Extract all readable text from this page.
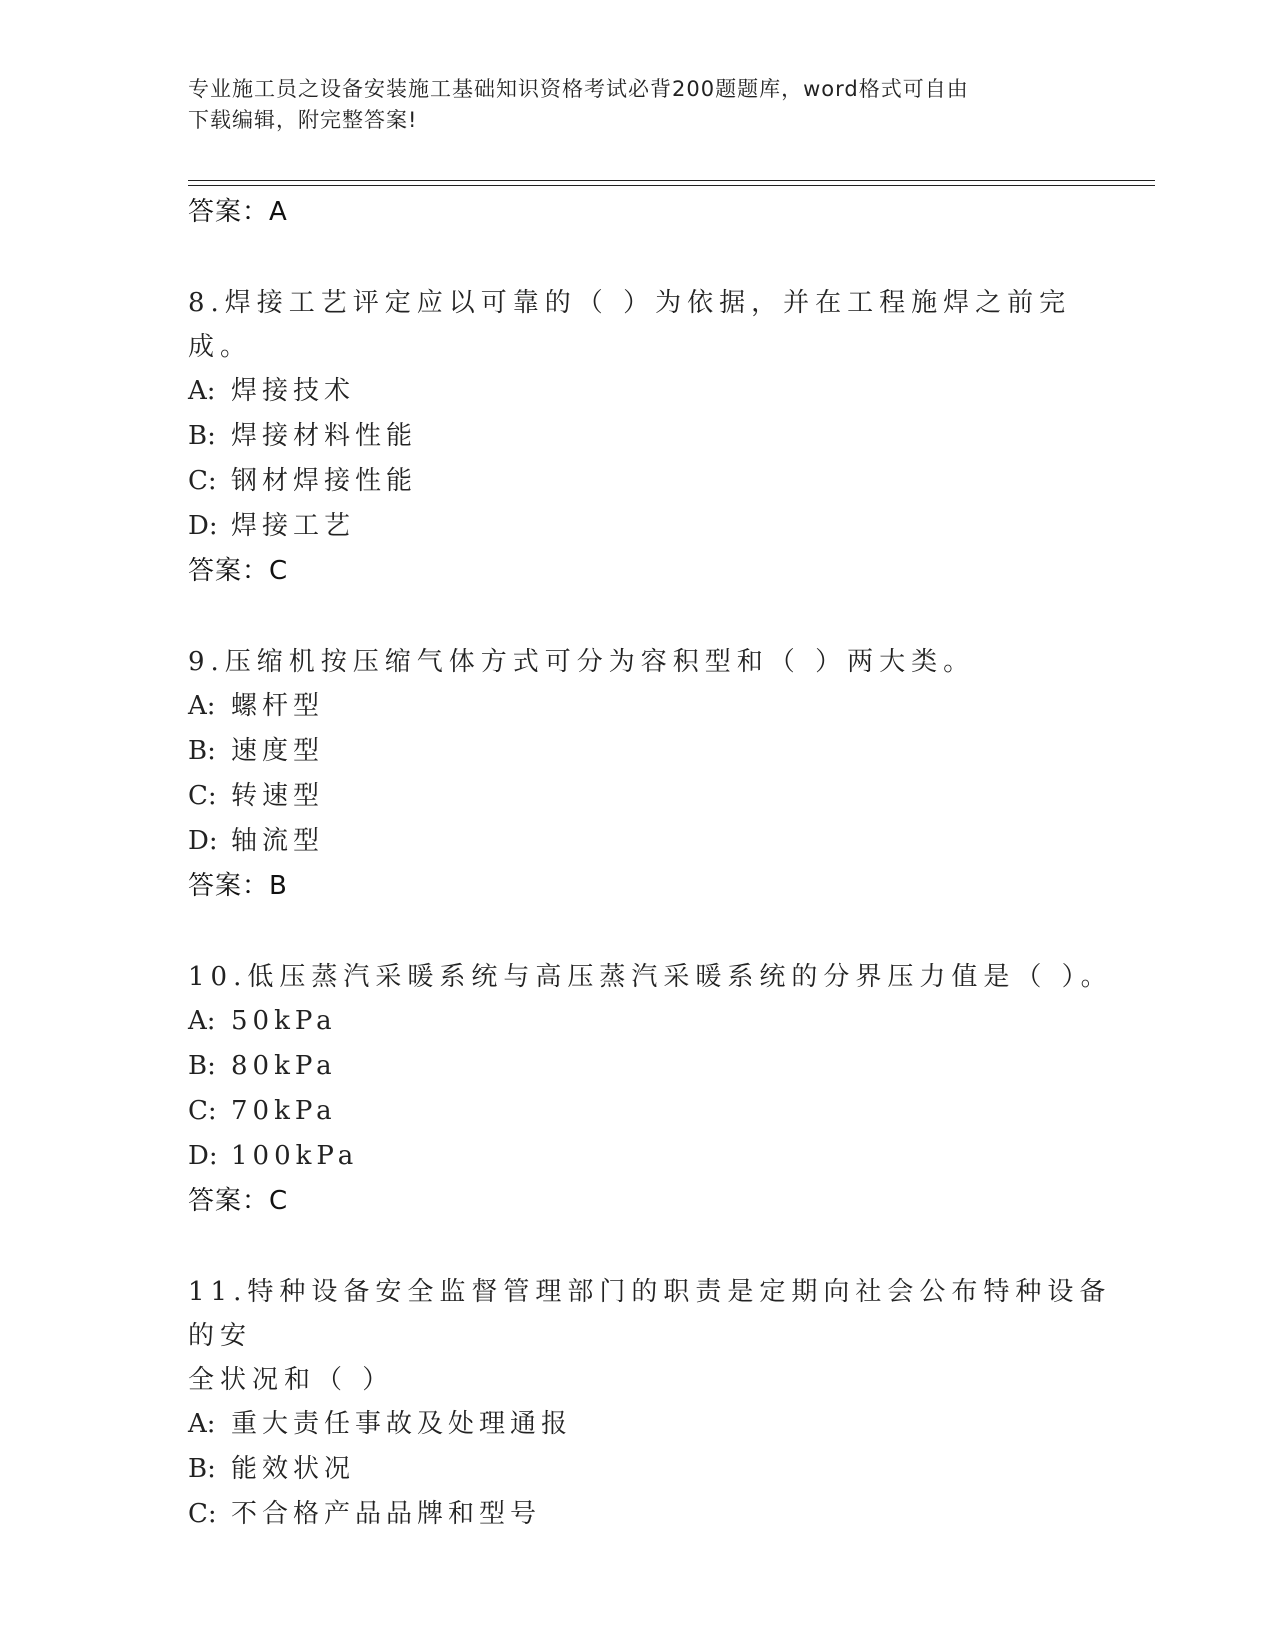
专业施工员之设备安装施工基础知识资格考试必背200题题库，word格式可自由
下载编辑，附完整答案!
答案：A
8.焊接工艺评定应以可靠的（ ）为依据，并在工程施焊之前完成。
A: 焊接技术
B: 焊接材料性能
C: 钢材焊接性能
D: 焊接工艺
答案：C
9.压缩机按压缩气体方式可分为容积型和（ ）两大类。
A: 螺杆型
B: 速度型
C: 转速型
D: 轴流型
答案：B
10.低压蒸汽采暖系统与高压蒸汽采暖系统的分界压力值是（ ）。
A: 50kPa
B: 80kPa
C: 70kPa
D: 100kPa
答案：C
11.特种设备安全监督管理部门的职责是定期向社会公布特种设备的安
全状况和（ ）
A: 重大责任事故及处理通报
B: 能效状况
C: 不合格产品品牌和型号
